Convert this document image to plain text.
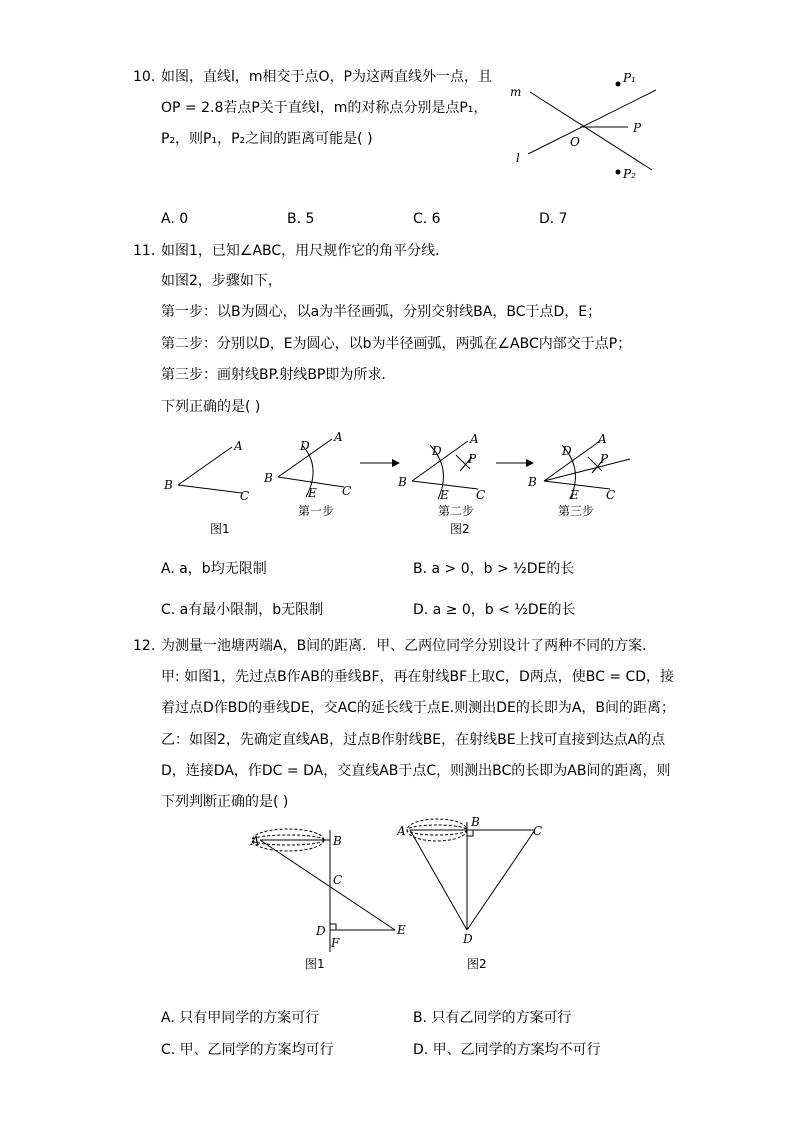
10. 如图，直线l，m相交于点O，P为这两直线外一点，且
OP = 2.8若点P关于直线l，m的对称点分别是点P₁，
P₂，则P₁，P₂之间的距离可能是( )
m
l
O
P
P₁
P₂
A. 0	B. 5	C. 6	D. 7
11. 如图1，已知∠ABC，用尺规作它的角平分线.
如图2，步骤如下，
第一步：以B为圆心，以a为半径画弧，分别交射线BA，BC于点D，E；
第二步：分别以D，E为圆心，以b为半径画弧，两弧在∠ABC内部交于点P；
第三步：画射线BP.射线BP即为所求.
下列正确的是( )
A
B
C
图1
D
A
B
E C
第一步
D
A
P
B
E C
第二步
图2
D
A
P
B
E C
第三步
A. a，b均无限制	B. a > 0，b > ½DE的长
C. a有最小限制，b无限制	D. a ≥ 0，b < ½DE的长
12. 为测量一池塘两端A，B间的距离．甲、乙两位同学分别设计了两种不同的方案．
甲: 如图1，先过点B作AB的垂线BF，再在射线BF上取C，D两点，使BC = CD，接
着过点D作BD的垂线DE，交AC的延长线于点E.则测出DE的长即为A，B间的距离；
乙：如图2，先确定直线AB，过点B作射线BE，在射线BE上找可直接到达点A的点
D，连接DA，作DC = DA，交直线AB于点C，则测出BC的长即为AB间的距离，则
下列判断正确的是( )
A	B
C
D	E
F
图1
A
B
C
D
图2
A. 只有甲同学的方案可行	B. 只有乙同学的方案可行
C. 甲、乙同学的方案均可行	D. 甲、乙同学的方案均不可行
